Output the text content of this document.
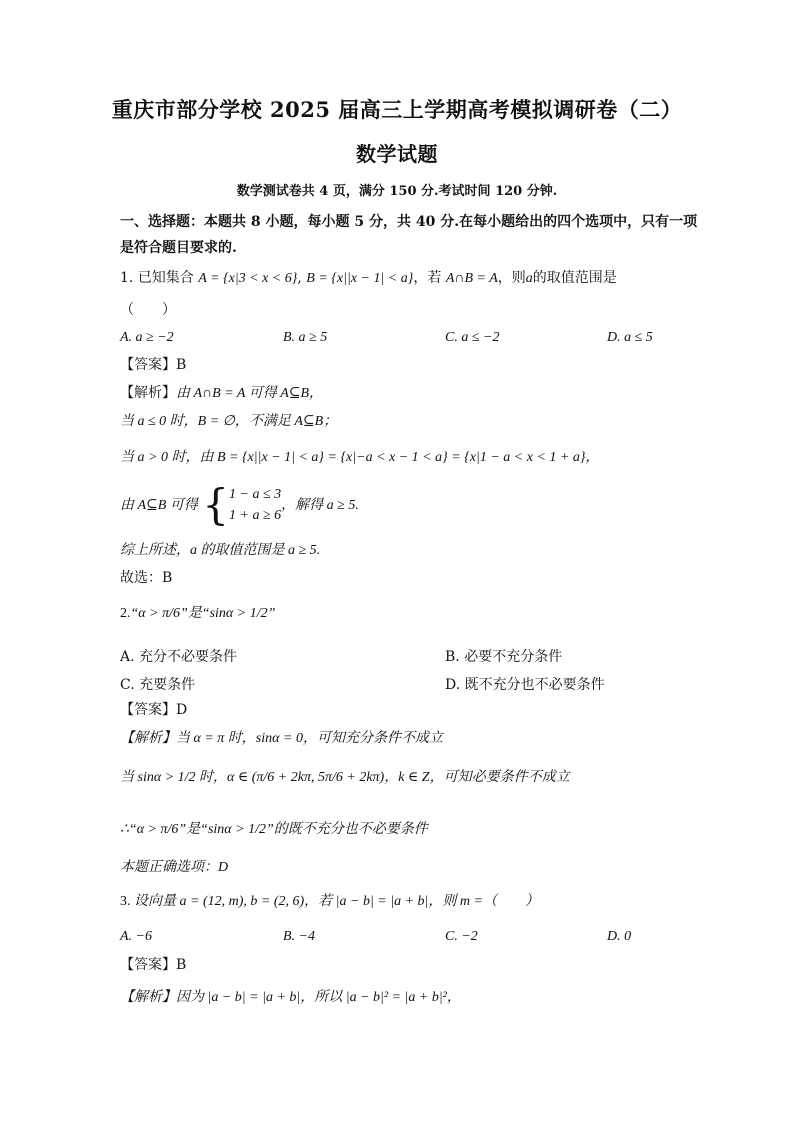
重庆市部分学校 2025 届高三上学期高考模拟调研卷（二）
数学试题
数学测试卷共 4 页，满分 150 分.考试时间 120 分钟.
一、选择题：本题共 8 小题，每小题 5 分，共 40 分.在每小题给出的四个选项中，只有一项
是符合题目要求的.
1. 已知集合 A = {x|3 < x < 6}, B = {x||x − 1| < a}，若 A∩B = A，则a的取值范围是
（　　）
A. a ≥ −2	B. a ≥ 5	C. a ≤ −2	D. a ≤ 5
【答案】B
【解析】由 A∩B = A 可得 A⊆B，
当 a ≤ 0 时，B = ∅，不满足 A⊆B；
当 a > 0 时，由 B = {x||x − 1| < a} = {x|−a < x − 1 < a} = {x|1 − a < x < 1 + a}，
由 A⊆B 可得 { 1 − a ≤ 3
1 + a ≥ 6
，解得 a ≥ 5.
综上所述，a 的取值范围是 a ≥ 5.
故选：B
2.“α > π/6”是“sinα > 1/2”
A. 充分不必要条件	B. 必要不充分条件
C. 充要条件	D. 既不充分也不必要条件
【答案】D
【解析】当 α = π 时，sinα = 0，可知充分条件不成立
当 sinα > 1/2 时，α ∈ (π/6 + 2kπ, 5π/6 + 2kπ)，k ∈ Z，可知必要条件不成立
∴“α > π/6”是“sinα > 1/2”的既不充分也不必要条件
本题正确选项：D
3. 设向量 a = (12, m), b = (2, 6)，若 |a − b| = |a + b|，则 m =（　　）
A. −6	B. −4	C. −2	D. 0
【答案】B
【解析】因为 |a − b| = |a + b|，所以 |a − b|² = |a + b|²，
